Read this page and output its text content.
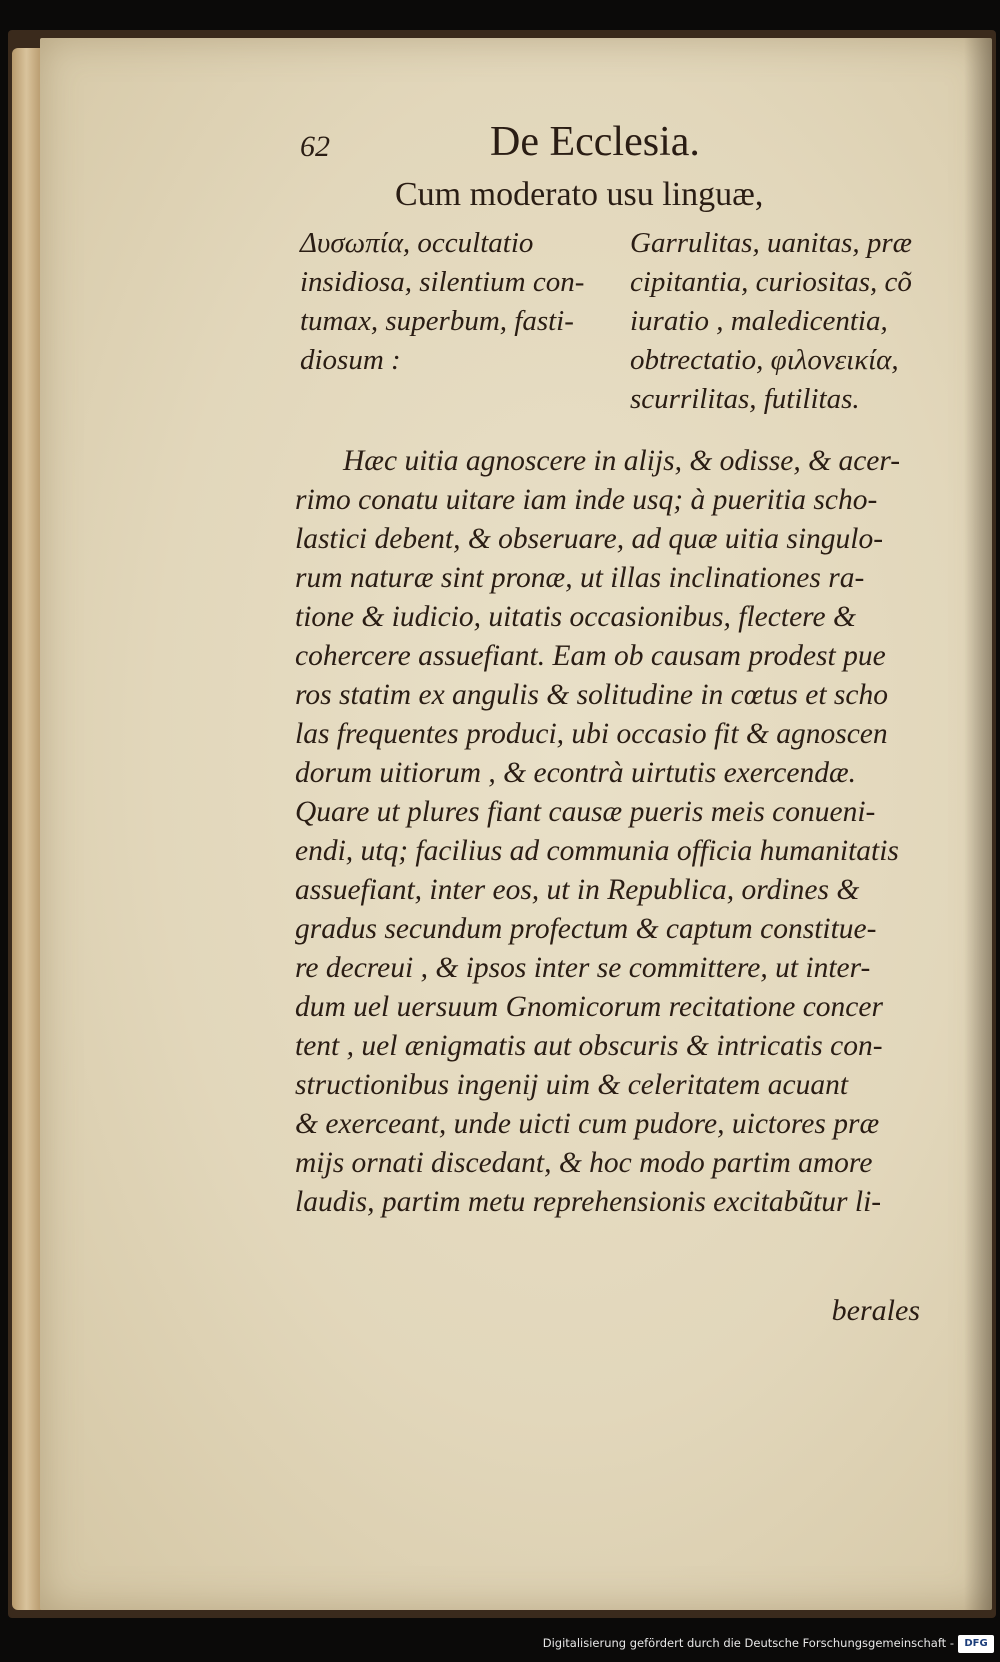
62	De Ecclesia.
Cum moderato usu linguæ,
Δυσωπία, occultatio
insidiosa, silentium con-
tumax, superbum, fasti-
diosum :
Garrulitas, uanitas, præ
cipitantia, curiositas, cõ
iuratio , maledicentia,
obtrectatio, φιλονεικία,
scurrilitas, futilitas.
Hæc uitia agnoscere in alijs, & odisse, & acer-
rimo conatu uitare iam inde usq; à pueritia scho-
lastici debent, & obseruare, ad quæ uitia singulo-
rum naturæ sint pronæ, ut illas inclinationes ra-
tione & iudicio, uitatis occasionibus, flectere &
cohercere assuefiant. Eam ob causam prodest pue
ros statim ex angulis & solitudine in cœtus et scho
las frequentes produci, ubi occasio fit & agnoscen
dorum uitiorum , & econtrà uirtutis exercendæ.
Quare ut plures fiant causæ pueris meis conueni-
endi, utq; facilius ad communia officia humanitatis
assuefiant, inter eos, ut in Republica, ordines &
gradus secundum profectum & captum constitue-
re decreui , & ipsos inter se committere, ut inter-
dum uel uersuum Gnomicorum recitatione concer
tent , uel ænigmatis aut obscuris & intricatis con-
structionibus ingenij uim & celeritatem acuant
& exerceant, unde uicti cum pudore, uictores præ
mijs ornati discedant, & hoc modo partim amore
laudis, partim metu reprehensionis excitabũtur li-
berales
Digitalisierung gefördert durch die Deutsche Forschungsgemeinschaft -	DFG
